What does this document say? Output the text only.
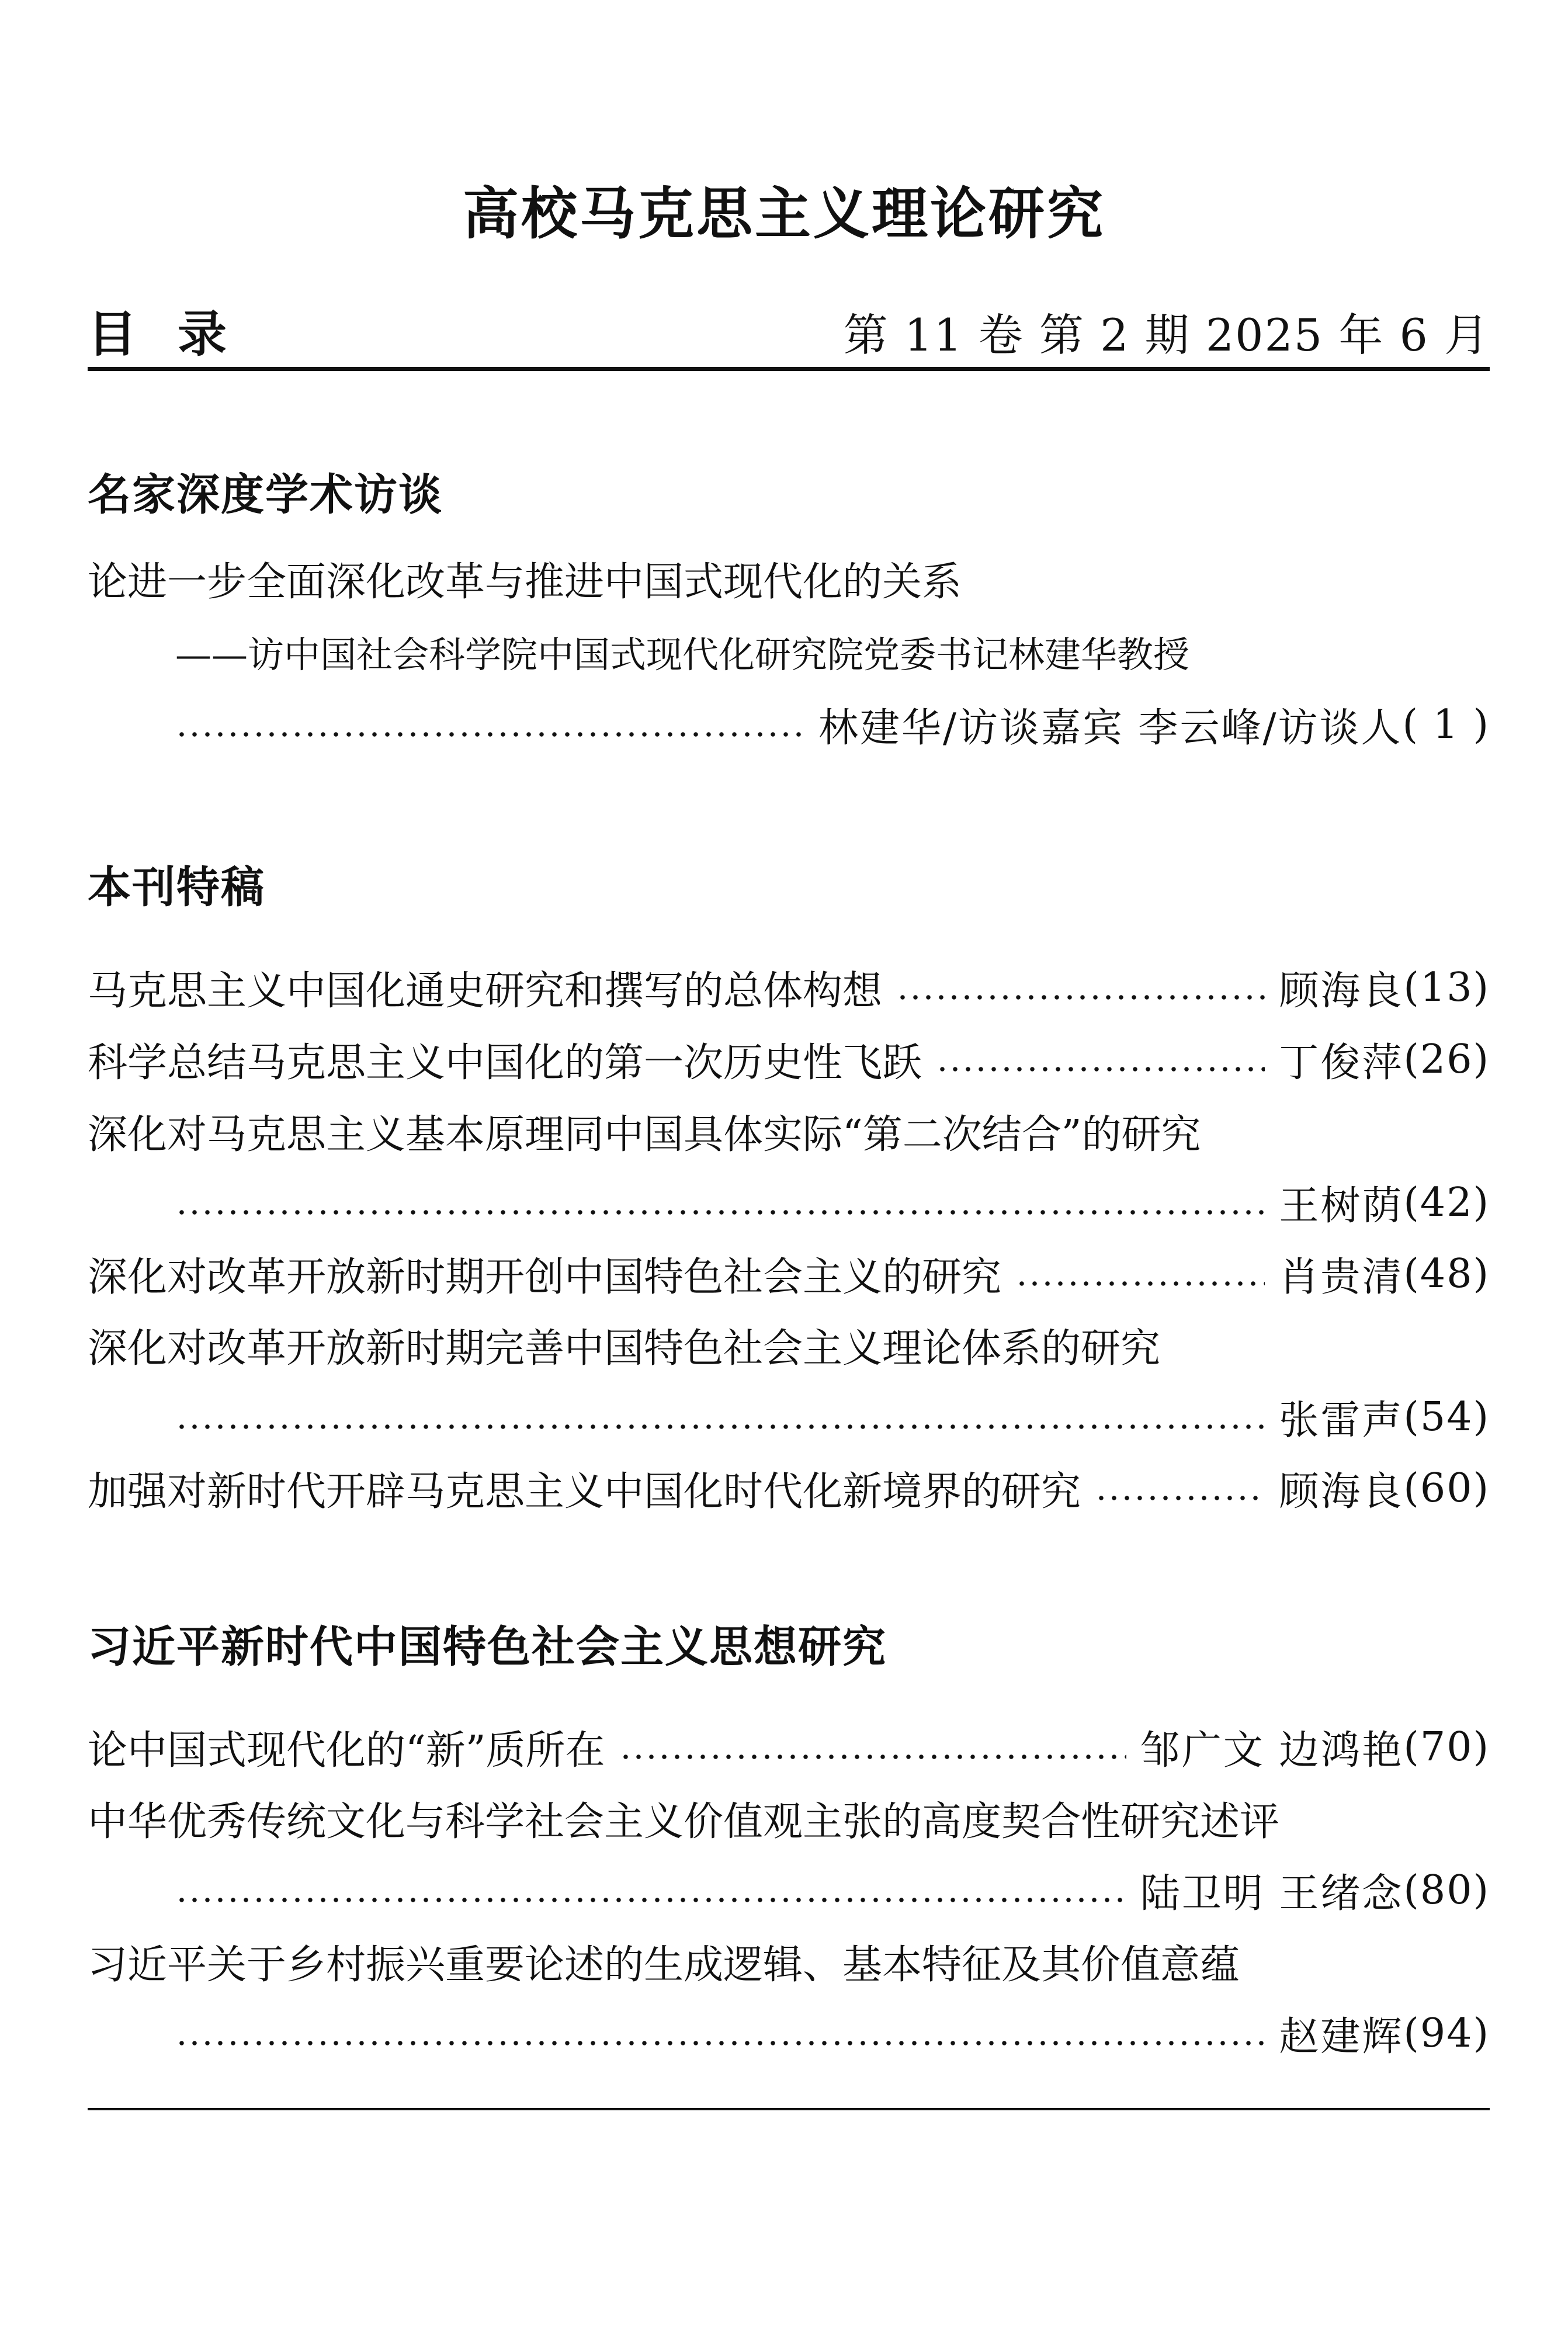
高校马克思主义理论研究
目录	第 11 卷 第 2 期 2025 年 6 月
名家深度学术访谈
论进一步全面深化改革与推进中国式现代化的关系
——访中国社会科学院中国式现代化研究院党委书记林建华教授
林建华/访谈嘉宾 李云峰/访谈人 ( 1 )
本刊特稿
马克思主义中国化通史研究和撰写的总体构想	顾海良 (13)
科学总结马克思主义中国化的第一次历史性飞跃	丁俊萍 (26)
深化对马克思主义基本原理同中国具体实际“第二次结合”的研究
王树荫 (42)
深化对改革开放新时期开创中国特色社会主义的研究	肖贵清 (48)
深化对改革开放新时期完善中国特色社会主义理论体系的研究
张雷声 (54)
加强对新时代开辟马克思主义中国化时代化新境界的研究	顾海良 (60)
习近平新时代中国特色社会主义思想研究
论中国式现代化的“新”质所在	邹广文 边鸿艳 (70)
中华优秀传统文化与科学社会主义价值观主张的高度契合性研究述评
陆卫明 王绪念 (80)
习近平关于乡村振兴重要论述的生成逻辑、基本特征及其价值意蕴
赵建辉 (94)
